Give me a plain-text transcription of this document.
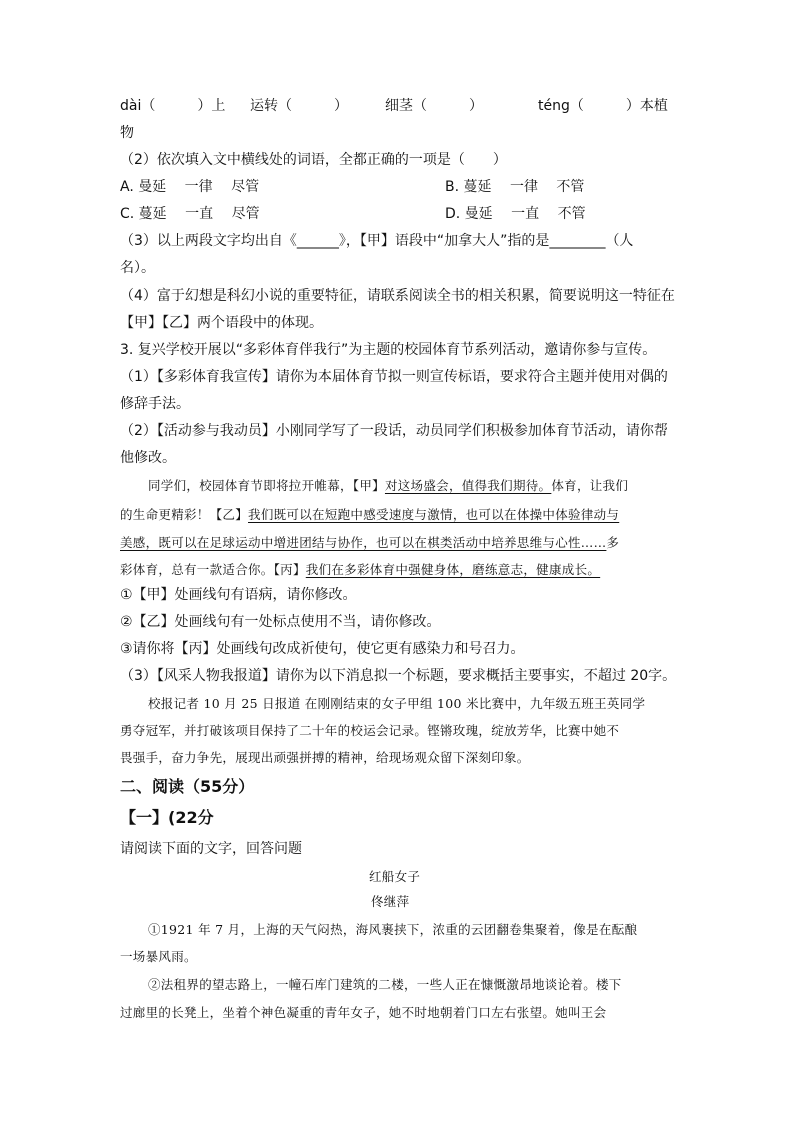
dài（　　　）上 运转（　　　）	细茎（　　　）	téng（　　　）本植
物
（2）依次填入文中横线处的词语，全都正确的一项是（　　）
A. 曼延　 一律　 尽管	B. 蔓延　 一律　 不管
C. 蔓延　 一直　 尽管	D. 曼延　 一直　 不管
（3）以上两段文字均出自《______》，【甲】语段中“加拿大人”指的是________（人
名）。
（4）富于幻想是科幻小说的重要特征，请联系阅读全书的相关积累，简要说明这一特征在
【甲】【乙】两个语段中的体现。
3. 复兴学校开展以“多彩体育伴我行”为主题的校园体育节系列活动，邀请你参与宣传。
（1）【多彩体育我宣传】请你为本届体育节拟一则宣传标语，要求符合主题并使用对偶的
修辞手法。
（2）【活动参与我动员】小刚同学写了一段话，动员同学们积极参加体育节活动，请你帮
他修改。
同学们，校园体育节即将拉开帷幕，【甲】对这场盛会，值得我们期待。体育，让我们
的生命更精彩！【乙】我们既可以在短跑中感受速度与激情，也可以在体操中体验律动与
美感，既可以在足球运动中增进团结与协作，也可以在棋类活动中培养思维与心性……多
彩体育，总有一款适合你。【丙】我们在多彩体育中强健身体，磨练意志，健康成长。
①【甲】处画线句有语病，请你修改。
②【乙】处画线句有一处标点使用不当，请你修改。
③请你将【丙】处画线句改成祈使句，使它更有感染力和号召力。
（3）【风采人物我报道】请你为以下消息拟一个标题，要求概括主要事实，不超过 20字。
校报记者 10 月 25 日报道 在刚刚结束的女子甲组 100 米比赛中，九年级五班王英同学
勇夺冠军，并打破该项目保持了二十年的校运会记录。铿锵玫瑰，绽放芳华，比赛中她不
畏强手，奋力争先，展现出顽强拼搏的精神，给现场观众留下深刻印象。
二、阅读（55分）
【一】(22分
请阅读下面的文字，回答问题
红船女子
佟继萍
①1921 年 7 月，上海的天气闷热，海风裹挟下，浓重的云团翻卷集聚着，像是在酝酿
一场暴风雨。
②法租界的望志路上，一幢石库门建筑的二楼，一些人正在慷慨激昂地谈论着。楼下
过廊里的长凳上，坐着个神色凝重的青年女子，她不时地朝着门口左右张望。她叫王会
